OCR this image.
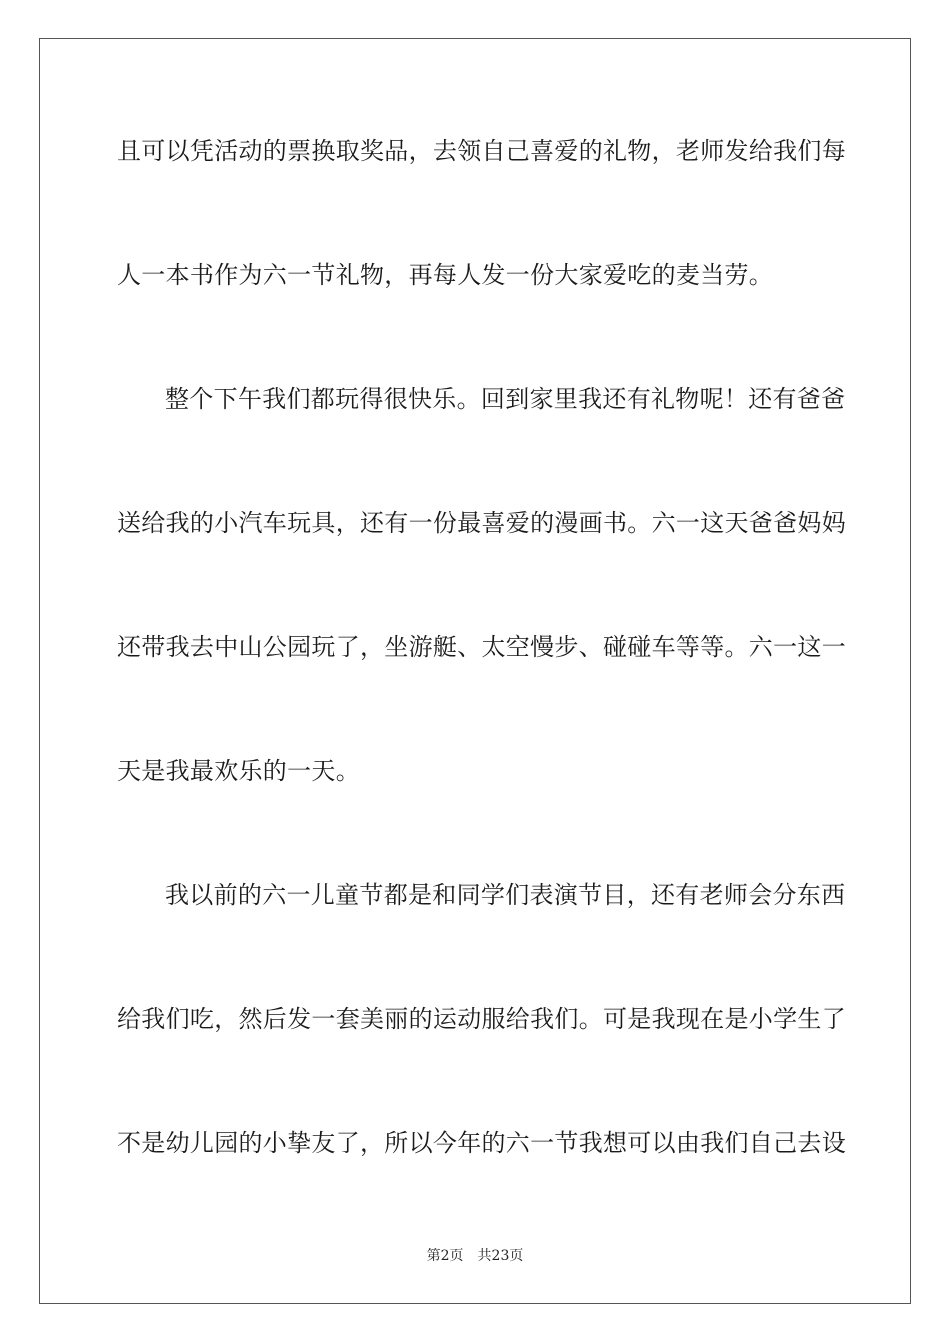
且可以凭活动的票换取奖品，去领自己喜爱的礼物，老师发给我们每

人一本书作为六一节礼物，再每人发一份大家爱吃的麦当劳。

整个下午我们都玩得很快乐。回到家里我还有礼物呢！还有爸爸

送给我的小汽车玩具，还有一份最喜爱的漫画书。六一这天爸爸妈妈

还带我去中山公园玩了，坐游艇、太空慢步、碰碰车等等。六一这一

天是我最欢乐的一天。

我以前的六一儿童节都是和同学们表演节目，还有老师会分东西

给我们吃，然后发一套美丽的运动服给我们。可是我现在是小学生了

不是幼儿园的小挚友了，所以今年的六一节我想可以由我们自己去设

第2页 共23页
